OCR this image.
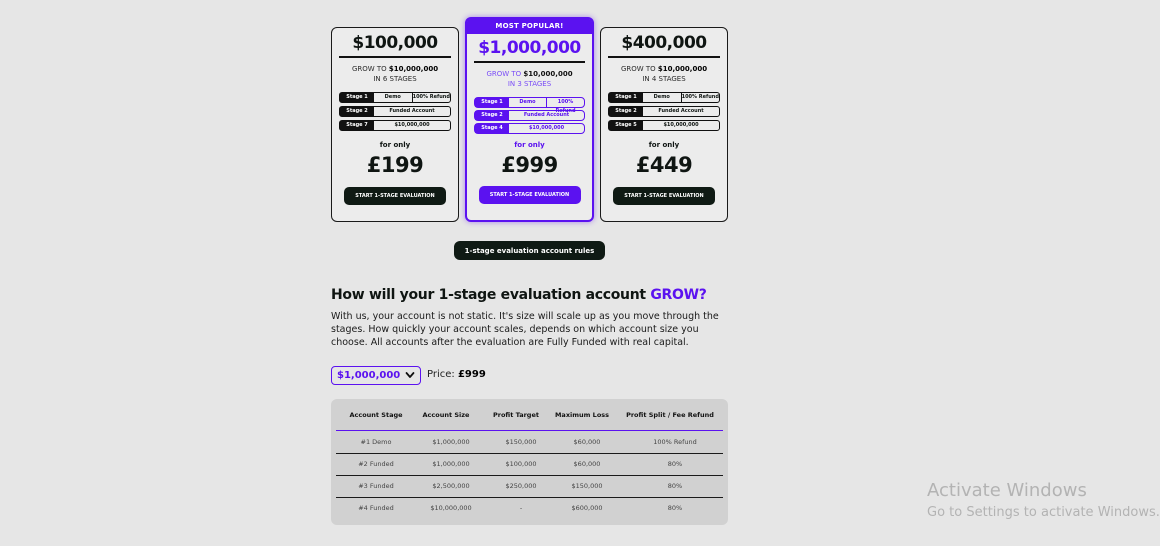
$100,000
GROW TO $10,000,000
IN 6 STAGES
Stage 1	Demo	100% Refund
Stage 2	Funded Account
Stage 7	$10,000,000
for only
£199
START 1-STAGE EVALUATION
MOST POPULAR!
$1,000,000
GROW TO $10,000,000
IN 3 STAGES
Stage 1	Demo	100% Refund
Stage 2	Funded Account
Stage 4	$10,000,000
for only
£999
START 1-STAGE EVALUATION
$400,000
GROW TO $10,000,000
IN 4 STAGES
Stage 1	Demo	100% Refund
Stage 2	Funded Account
Stage 5	$10,000,000
for only
£449
START 1-STAGE EVALUATION
1-stage evaluation account rules
How will your 1-stage evaluation account GROW?

With us, your account is not static. It's size will scale up as you move through the stages. How quickly your account scales, depends on which account size you choose. All accounts after the evaluation are Fully Funded with real capital.

$1,000,000	Price: £999
Account Stage	Account Size	Profit Target	Maximum Loss	Profit Split / Fee Refund
#1 Demo	$1,000,000	$150,000	$60,000	100% Refund
#2 Funded	$1,000,000	$100,000	$60,000	80%
#3 Funded	$2,500,000	$250,000	$150,000	80%
#4 Funded	$10,000,000	-	$600,000	80%
Activate Windows
Go to Settings to activate Windows.
